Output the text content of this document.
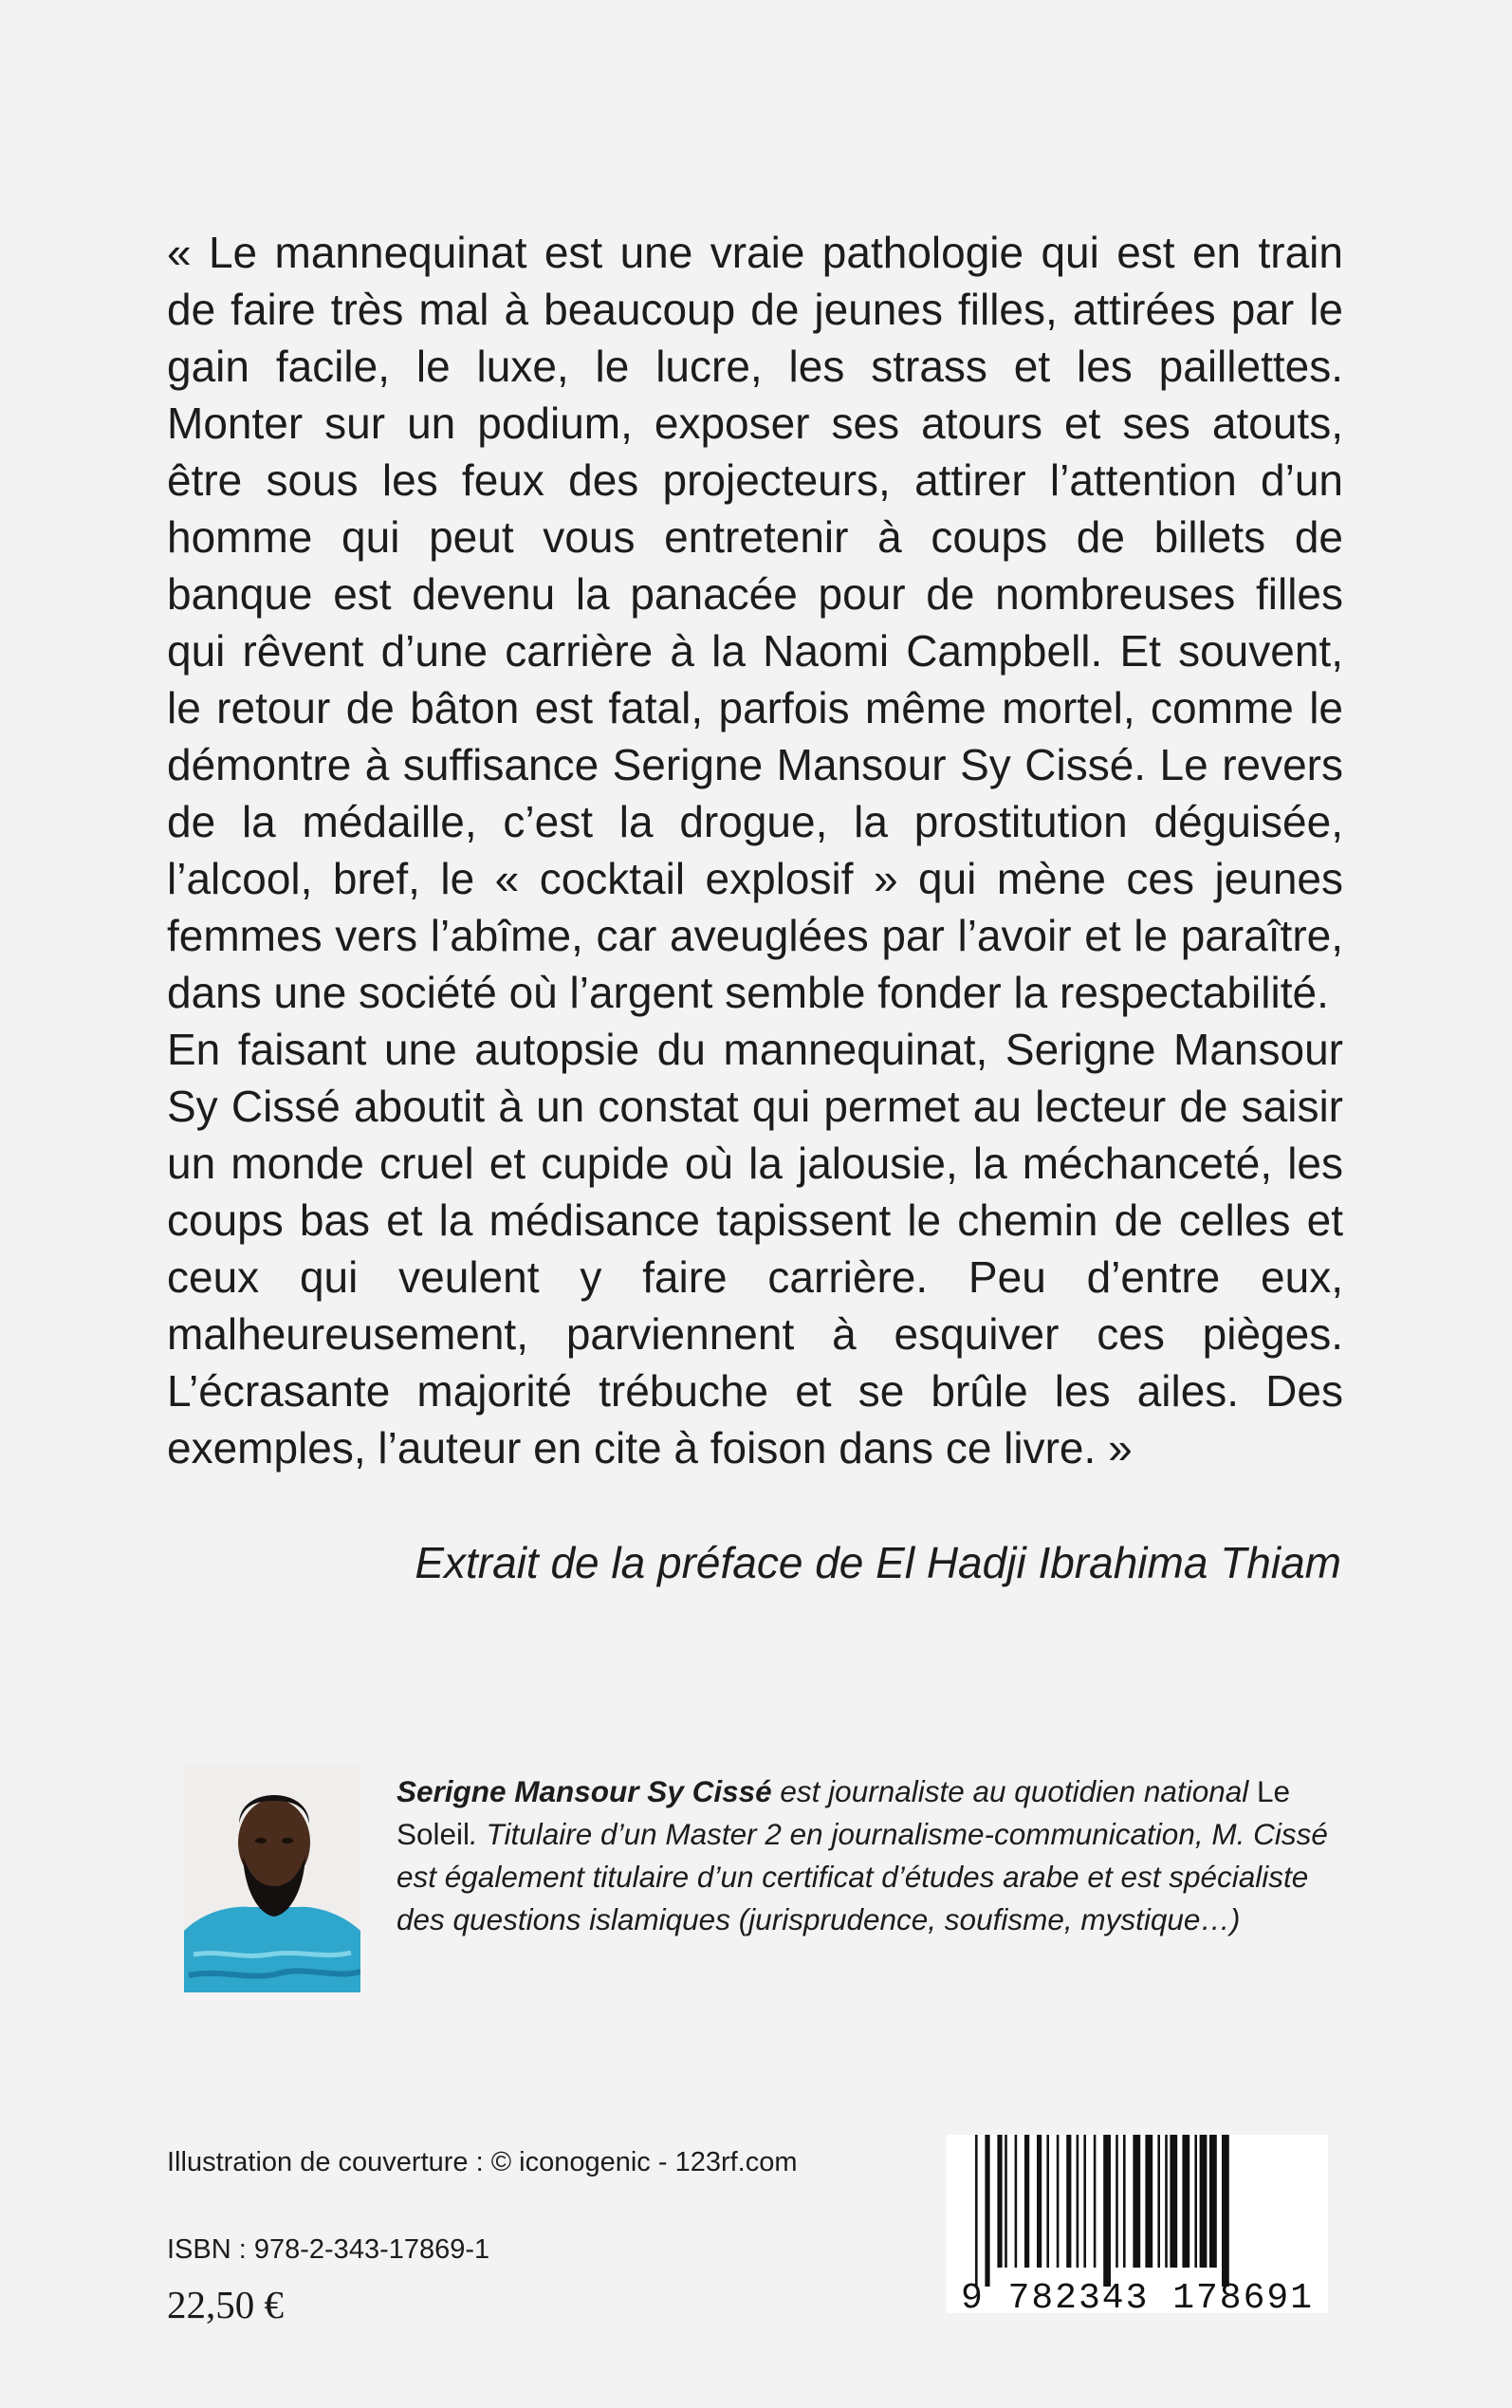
« Le mannequinat est une vraie pathologie qui est en train de faire très mal à beaucoup de jeunes filles, attirées par le gain facile, le luxe, le lucre, les strass et les paillettes. Monter sur un podium, exposer ses atours et ses atouts, être sous les feux des projecteurs, attirer l’attention d’un homme qui peut vous entretenir à coups de billets de banque est devenu la panacée pour de nombreuses filles qui rêvent d’une carrière à la Naomi Campbell. Et souvent, le retour de bâton est fatal, parfois même mortel, comme le démontre à suffisance Serigne Mansour Sy Cissé. Le revers de la médaille, c’est la drogue, la prostitution déguisée, l’alcool, bref, le « cocktail explosif » qui mène ces jeunes femmes vers l’abîme, car aveuglées par l’avoir et le paraître, dans une société où l’argent semble fonder la respectabilité.

En faisant une autopsie du mannequinat, Serigne Mansour Sy Cissé aboutit à un constat qui permet au lecteur de saisir un monde cruel et cupide où la jalousie, la méchanceté, les coups bas et la médisance tapissent le chemin de celles et ceux qui veulent y faire carrière. Peu d’entre eux, malheureusement, parviennent à esquiver ces pièges. L’écrasante majorité trébuche et se brûle les ailes. Des exemples, l’auteur en cite à foison dans ce livre. »

Extrait de la préface de El Hadji Ibrahima Thiam
Serigne Mansour Sy Cissé est journaliste au quotidien national Le Soleil. Titulaire d’un Master 2 en journalisme-communication, M. Cissé est également titulaire d’un certificat d’études arabe et est spécialiste des questions islamiques (jurisprudence, soufisme, mystique…)
Illustration de couverture : © iconogenic - 123rf.com
ISBN : 978-2-343-17869-1
22,50 €	9 782343 178691
